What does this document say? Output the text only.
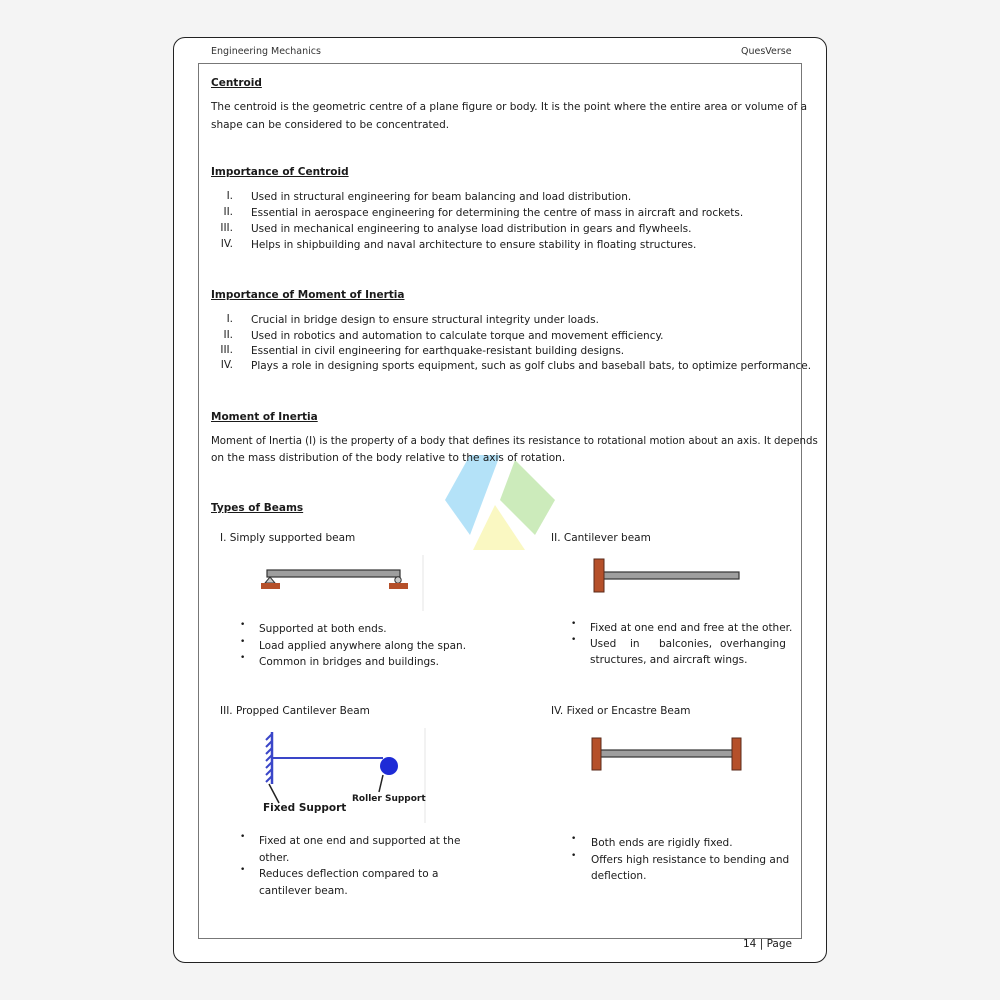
Engineering Mechanics	QuesVerse
Centroid
The centroid is the geometric centre of a plane figure or body. It is the point where the entire area or volume of a
shape can be considered to be concentrated.
Importance of Centroid
I. Used in structural engineering for beam balancing and load distribution.
II. Essential in aerospace engineering for determining the centre of mass in aircraft and rockets.
III. Used in mechanical engineering to analyse load distribution in gears and flywheels.
IV. Helps in shipbuilding and naval architecture to ensure stability in floating structures.
Importance of Moment of Inertia
I. Crucial in bridge design to ensure structural integrity under loads.
II. Used in robotics and automation to calculate torque and movement efficiency.
III. Essential in civil engineering for earthquake-resistant building designs.
IV. Plays a role in designing sports equipment, such as golf clubs and baseball bats, to optimize performance.
Moment of Inertia
Moment of Inertia (I) is the property of a body that defines its resistance to rotational motion about an axis. It depends
on the mass distribution of the body relative to the axis of rotation.
Types of Beams
I. Simply supported beam
• Supported at both ends.
• Load applied anywhere along the span.
• Common in bridges and buildings.
II. Cantilever beam
• Fixed at one end and free at the other.
• Used in balconies, overhanging
structures, and aircraft wings.
III. Propped Cantilever Beam
Fixed Support
Roller Support
• Fixed at one end and supported at the
other.
• Reduces deflection compared to a
cantilever beam.
IV. Fixed or Encastre Beam
• Both ends are rigidly fixed.
• Offers high resistance to bending and
deflection.
14 | Page
